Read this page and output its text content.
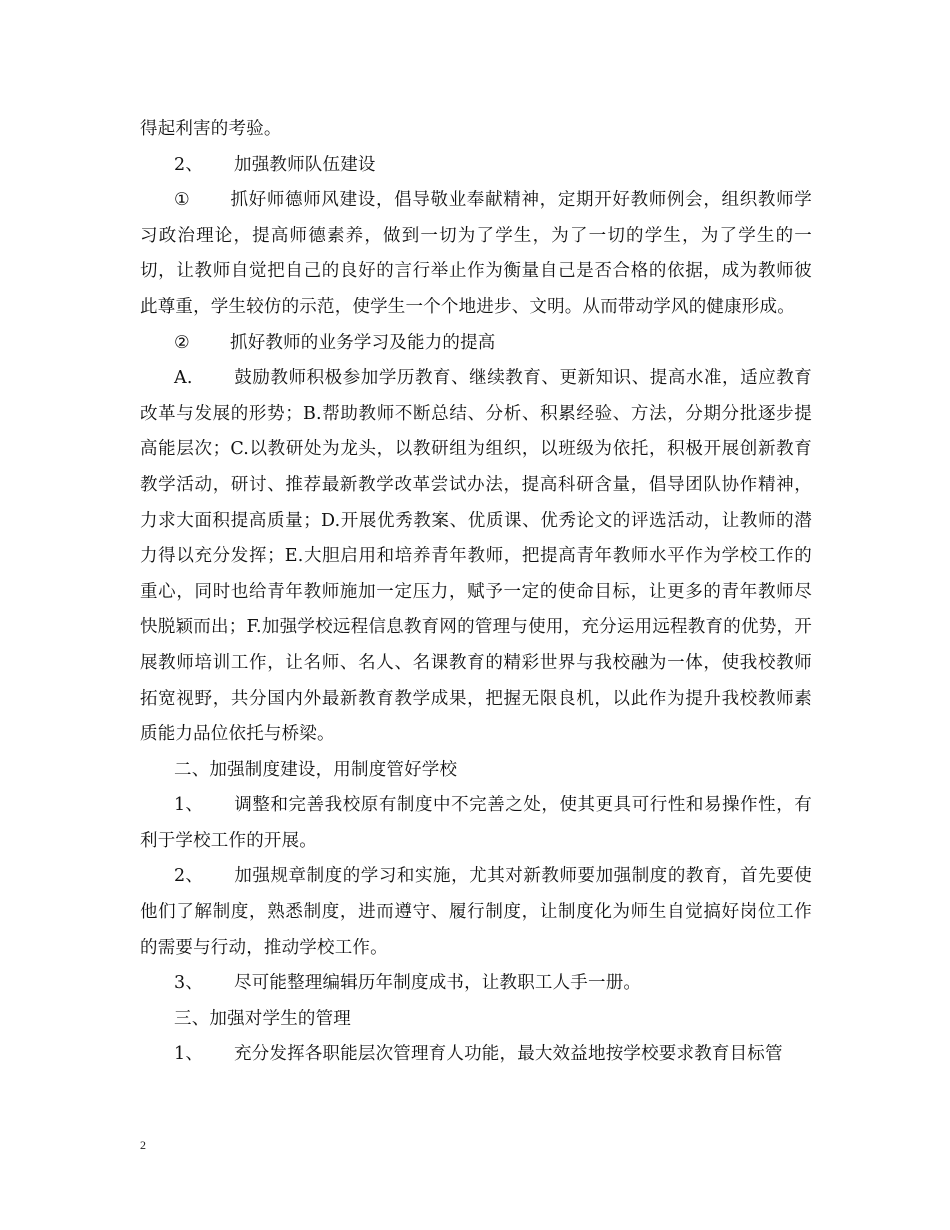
得起利害的考验。

2、 加强教师队伍建设

① 抓好师德师风建设，倡导敬业奉献精神，定期开好教师例会，组织教师学习政治理论，提高师德素养，做到一切为了学生，为了一切的学生，为了学生的一切，让教师自觉把自己的良好的言行举止作为衡量自己是否合格的依据，成为教师彼此尊重，学生较仿的示范，使学生一个个地进步、文明。从而带动学风的健康形成。

② 抓好教师的业务学习及能力的提高

A. 鼓励教师积极参加学历教育、继续教育、更新知识、提高水准，适应教育改革与发展的形势；B.帮助教师不断总结、分析、积累经验、方法，分期分批逐步提高能层次；C.以教研处为龙头，以教研组为组织，以班级为依托，积极开展创新教育教学活动，研讨、推荐最新教学改革尝试办法，提高科研含量，倡导团队协作精神，力求大面积提高质量；D.开展优秀教案、优质课、优秀论文的评选活动，让教师的潜力得以充分发挥；E.大胆启用和培养青年教师，把提高青年教师水平作为学校工作的重心，同时也给青年教师施加一定压力，赋予一定的使命目标，让更多的青年教师尽快脱颖而出；F.加强学校远程信息教育网的管理与使用，充分运用远程教育的优势，开展教师培训工作，让名师、名人、名课教育的精彩世界与我校融为一体，使我校教师拓宽视野，共分国内外最新教育教学成果，把握无限良机，以此作为提升我校教师素质能力品位依托与桥梁。

二、加强制度建设，用制度管好学校

1、 调整和完善我校原有制度中不完善之处，使其更具可行性和易操作性，有利于学校工作的开展。

2、 加强规章制度的学习和实施，尤其对新教师要加强制度的教育，首先要使他们了解制度，熟悉制度，进而遵守、履行制度，让制度化为师生自觉搞好岗位工作的需要与行动，推动学校工作。

3、 尽可能整理编辑历年制度成书，让教职工人手一册。

三、加强对学生的管理

1、 充分发挥各职能层次管理育人功能，最大效益地按学校要求教育目标管

2
